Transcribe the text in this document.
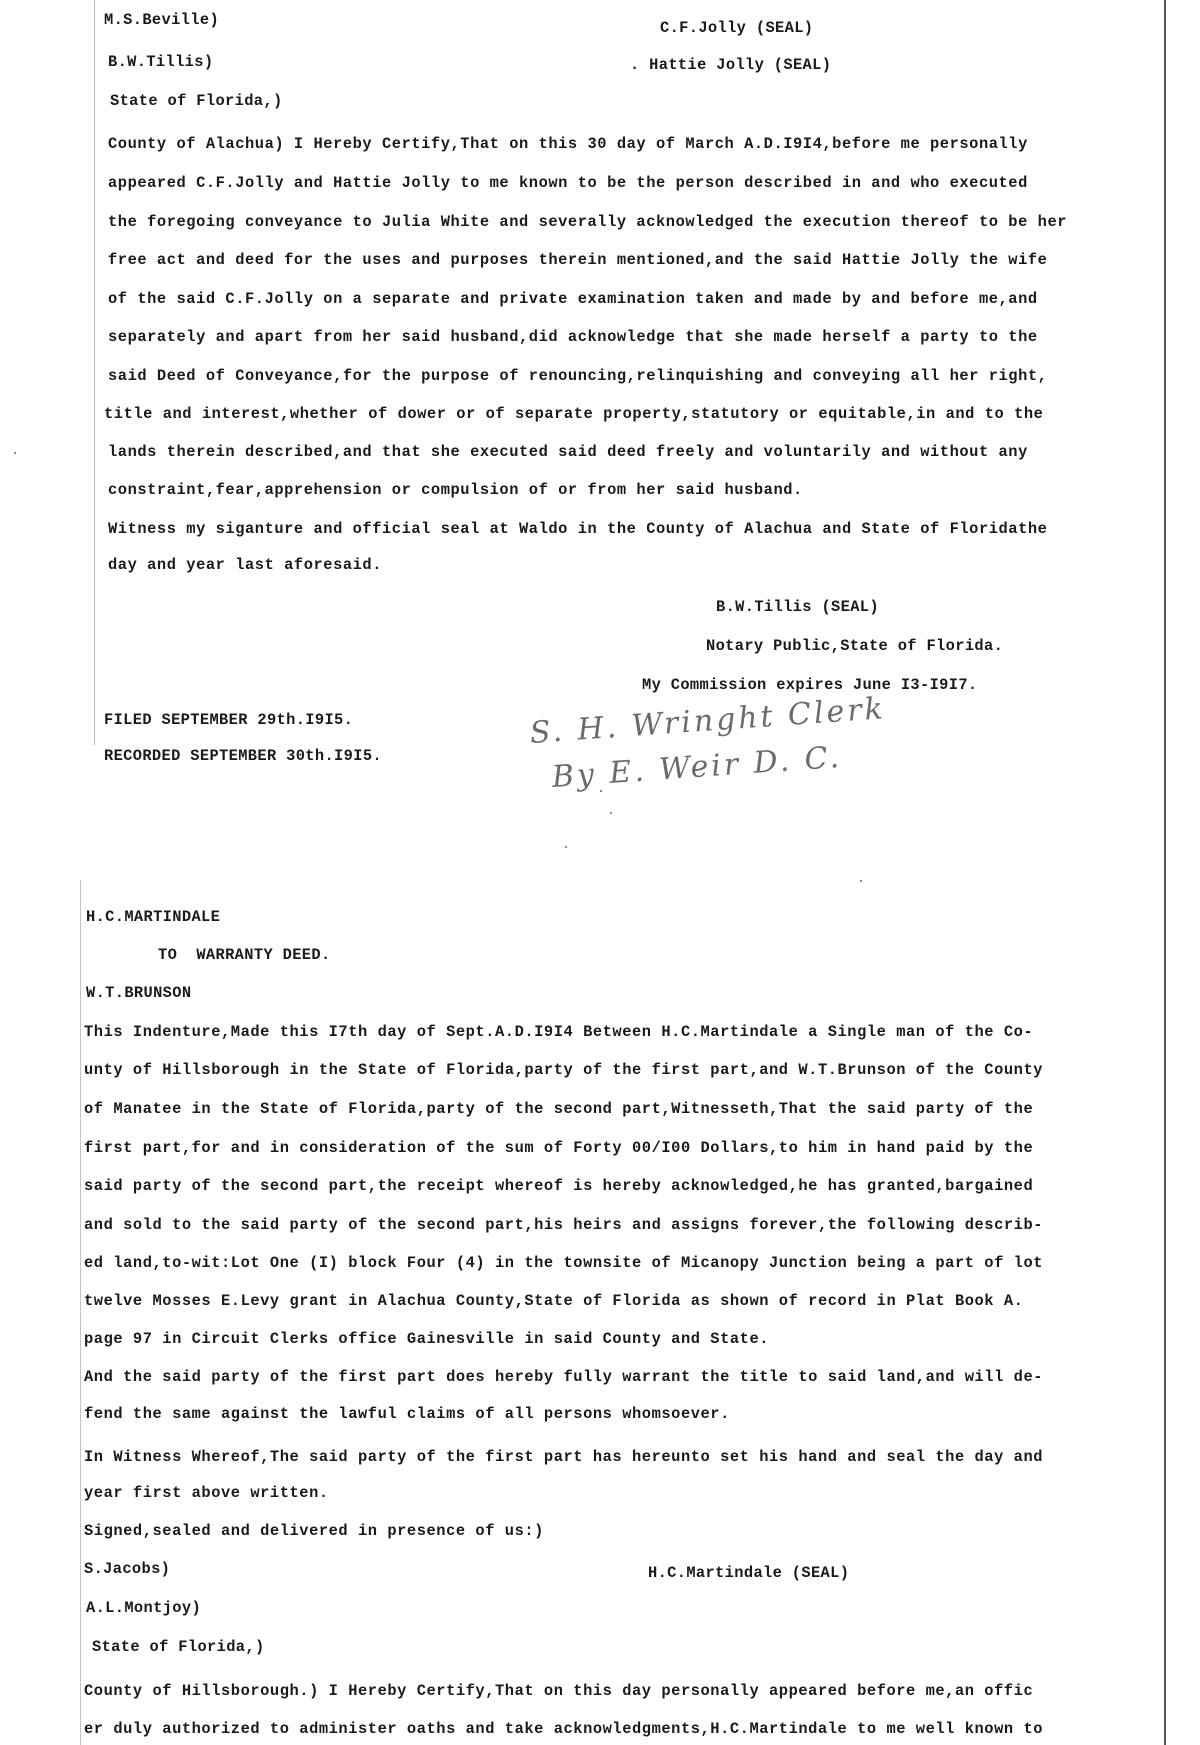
M.S.Beville)	C.F.Jolly (SEAL)
B.W.Tillis)	. Hattie Jolly (SEAL)
State of Florida,)
County of Alachua) I Hereby Certify,That on this 30 day of March A.D.I9I4,before me personally
appeared C.F.Jolly and Hattie Jolly to me known to be the person described in and who executed
the foregoing conveyance to Julia White and severally acknowledged the execution thereof to be her
free act and deed for the uses and purposes therein mentioned,and the said Hattie Jolly the wife
of the said C.F.Jolly on a separate and private examination taken and made by and before me,and
separately and apart from her said husband,did acknowledge that she made herself a party to the
said Deed of Conveyance,for the purpose of renouncing,relinquishing and conveying all her right,
title and interest,whether of dower or of separate property,statutory or equitable,in and to the
lands therein described,and that she executed said deed freely and voluntarily and without any
constraint,fear,apprehension or compulsion of or from her said husband.
Witness my siganture and official seal at Waldo in the County of Alachua and State of Floridathe
day and year last aforesaid.
B.W.Tillis (SEAL)
Notary Public,State of Florida.
My Commission expires June I3-I9I7.
FILED SEPTEMBER 29th.I9I5.
RECORDED SEPTEMBER 30th.I9I5.
S. H. Wringht Clerk
By E. Weir D. C.
H.C.MARTINDALE
TO  WARRANTY DEED.
W.T.BRUNSON
This Indenture,Made this I7th day of Sept.A.D.I9I4 Between H.C.Martindale a Single man of the Co-
unty of Hillsborough in the State of Florida,party of the first part,and W.T.Brunson of the County
of Manatee in the State of Florida,party of the second part,Witnesseth,That the said party of the
first part,for and in consideration of the sum of Forty 00/I00 Dollars,to him in hand paid by the
said party of the second part,the receipt whereof is hereby acknowledged,he has granted,bargained
and sold to the said party of the second part,his heirs and assigns forever,the following describ-
ed land,to-wit:Lot One (I) block Four (4) in the townsite of Micanopy Junction being a part of lot
twelve Mosses E.Levy grant in Alachua County,State of Florida as shown of record in Plat Book A.
page 97 in Circuit Clerks office Gainesville in said County and State.
And the said party of the first part does hereby fully warrant the title to said land,and will de-
fend the same against the lawful claims of all persons whomsoever.
In Witness Whereof,The said party of the first part has hereunto set his hand and seal the day and
year first above written.
Signed,sealed and delivered in presence of us:)
S.Jacobs)	H.C.Martindale (SEAL)
A.L.Montjoy)
State of Florida,)
County of Hillsborough.) I Hereby Certify,That on this day personally appeared before me,an offic
er duly authorized to administer oaths and take acknowledgments,H.C.Martindale to me well known to
